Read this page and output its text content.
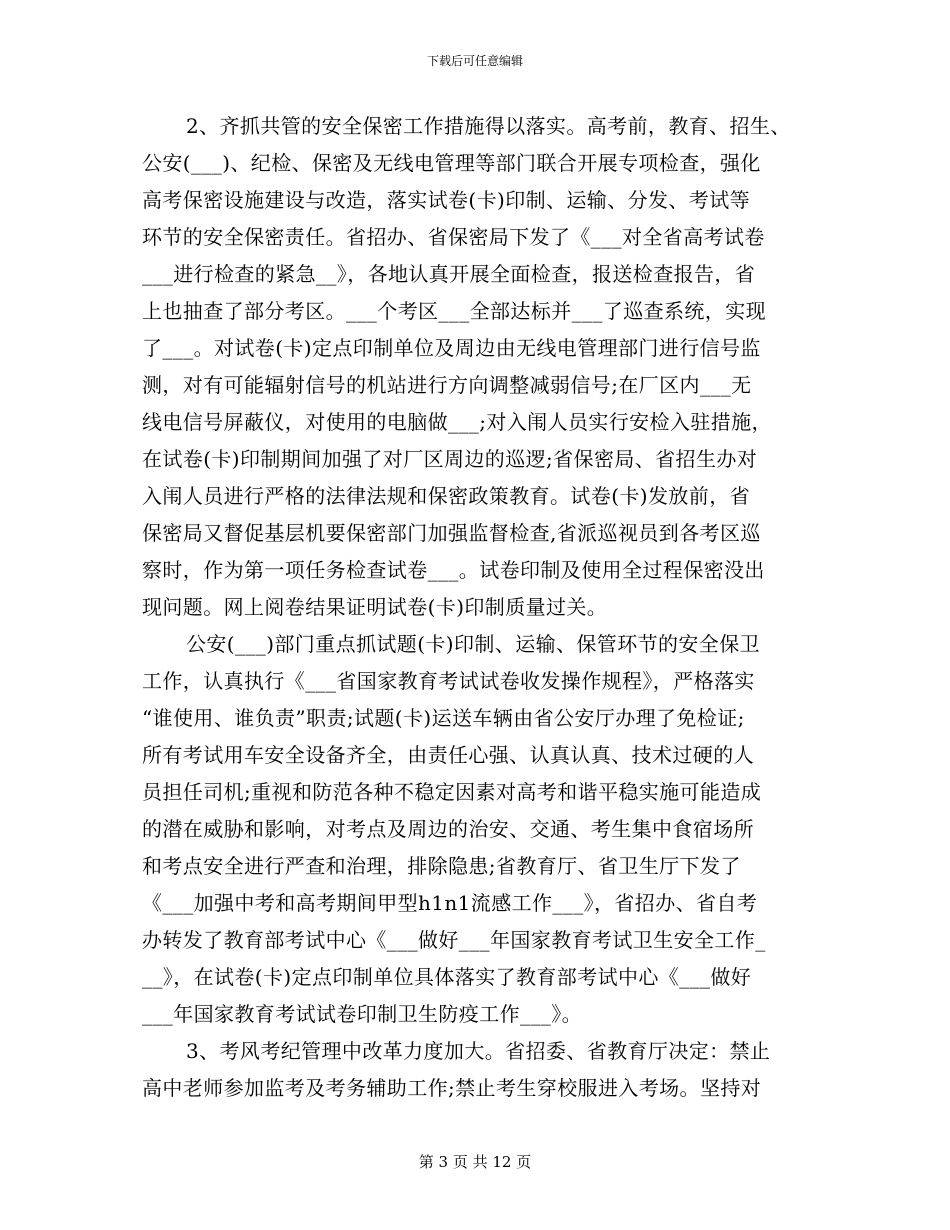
下载后可任意编辑
2、齐抓共管的安全保密工作措施得以落实。高考前，教育、招生、
公安(___)、纪检、保密及无线电管理等部门联合开展专项检查，强化
高考保密设施建设与改造，落实试卷(卡)印制、运输、分发、考试等
环节的安全保密责任。省招办、省保密局下发了《___对全省高考试卷
___进行检查的紧急__》，各地认真开展全面检查，报送检查报告，省
上也抽查了部分考区。___个考区___全部达标并___了巡查系统，实现
了___。对试卷(卡)定点印制单位及周边由无线电管理部门进行信号监
测，对有可能辐射信号的机站进行方向调整减弱信号;在厂区内___无
线电信号屏蔽仪，对使用的电脑做___;对入闱人员实行安检入驻措施，
在试卷(卡)印制期间加强了对厂区周边的巡逻;省保密局、省招生办对
入闱人员进行严格的法律法规和保密政策教育。试卷(卡)发放前，省
保密局又督促基层机要保密部门加强监督检查,省派巡视员到各考区巡
察时，作为第一项任务检查试卷___。试卷印制及使用全过程保密没出
现问题。网上阅卷结果证明试卷(卡)印制质量过关。
公安(___)部门重点抓试题(卡)印制、运输、保管环节的安全保卫
工作，认真执行《___省国家教育考试试卷收发操作规程》，严格落实
“谁使用、谁负责”职责;试题(卡)运送车辆由省公安厅办理了免检证;
所有考试用车安全设备齐全，由责任心强、认真认真、技术过硬的人
员担任司机;重视和防范各种不稳定因素对高考和谐平稳实施可能造成
的潜在威胁和影响，对考点及周边的治安、交通、考生集中食宿场所
和考点安全进行严查和治理，排除隐患;省教育厅、省卫生厅下发了
《___加强中考和高考期间甲型h1n1流感工作___》，省招办、省自考
办转发了教育部考试中心《___做好___年国家教育考试卫生安全工作_
__》，在试卷(卡)定点印制单位具体落实了教育部考试中心《___做好
___年国家教育考试试卷印制卫生防疫工作___》。
3、考风考纪管理中改革力度加大。省招委、省教育厅决定：禁止
高中老师参加监考及考务辅助工作;禁止考生穿校服进入考场。坚持对
第 3 页 共 12 页
